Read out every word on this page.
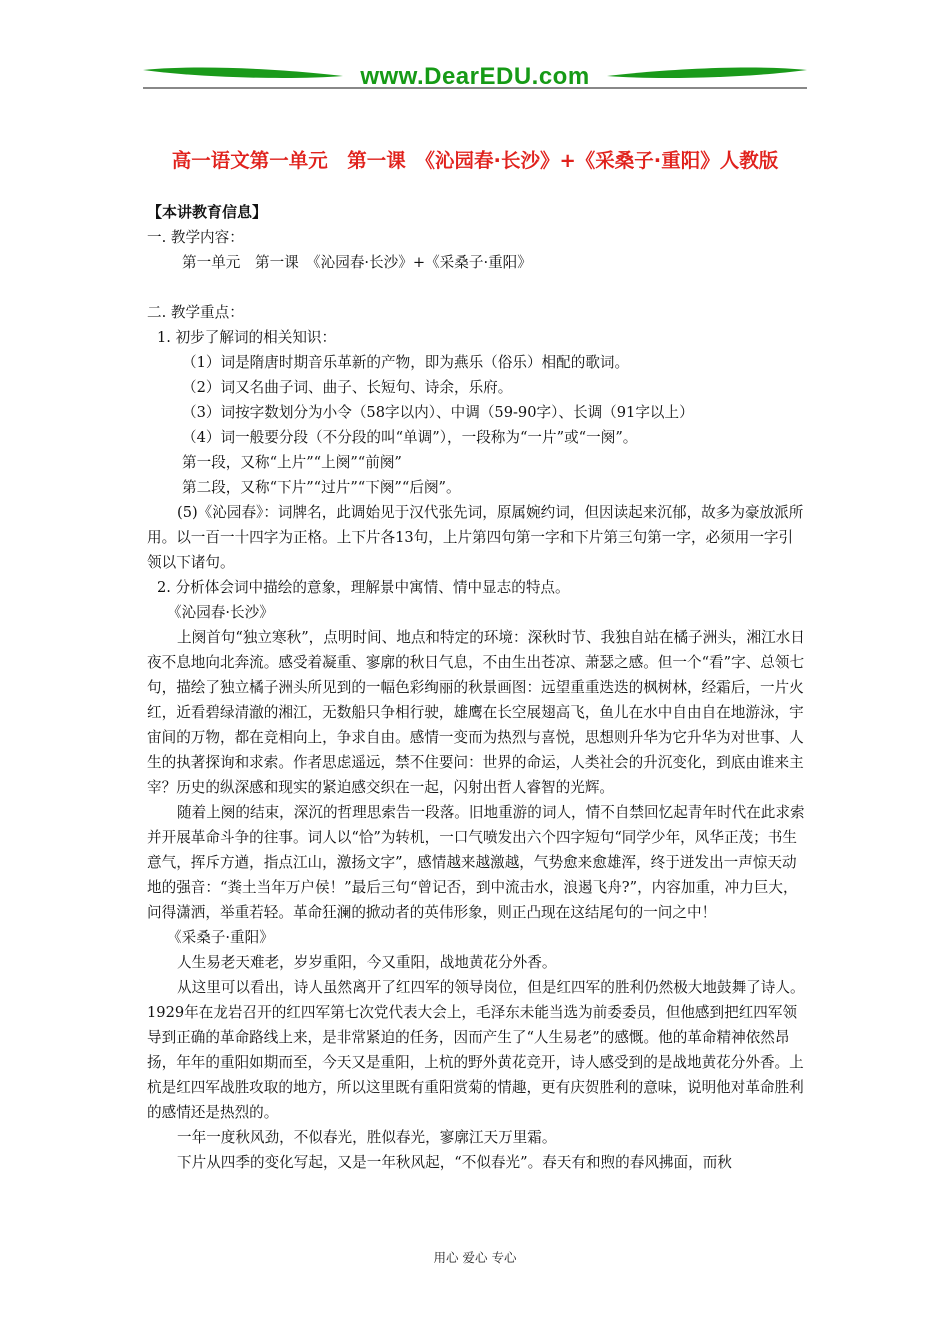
www.DearEDU.com
高一语文第一单元　第一课　《沁园春·长沙》+《采桑子·重阳》人教版

【本讲教育信息】

一. 教学内容：

第一单元　第一课　《沁园春·长沙》+《采桑子·重阳》

二. 教学重点：

1. 初步了解词的相关知识：

（1）词是隋唐时期音乐革新的产物，即为燕乐（俗乐）相配的歌词。

（2）词又名曲子词、曲子、长短句、诗余，乐府。

（3）词按字数划分为小令（58字以内）、中调（59-90字）、长调（91字以上）

（4）词一般要分段（不分段的叫“单调”），一段称为“一片”或“一阕”。

第一段，又称“上片”“上阕”“前阕”

第二段，又称“下片”“过片”“下阕”“后阕”。

(5)《沁园春》：词牌名，此调始见于汉代张先词，原属婉约词，但因读起来沉郁，故多为豪放派所用。以一百一十四字为正格。上下片各13句，上片第四句第一字和下片第三句第一字，必须用一字引领以下诸句。

2. 分析体会词中描绘的意象，理解景中寓情、情中显志的特点。

《沁园春·长沙》

上阕首句“独立寒秋”，点明时间、地点和特定的环境：深秋时节、我独自站在橘子洲头，湘江水日夜不息地向北奔流。感受着凝重、寥廓的秋日气息，不由生出苍凉、萧瑟之感。但一个“看”字、总领七句，描绘了独立橘子洲头所见到的一幅色彩绚丽的秋景画图：远望重重迭迭的枫树林，经霜后，一片火红，近看碧绿清澈的湘江，无数船只争相行驶，雄鹰在长空展翅高飞，鱼儿在水中自由自在地游泳，宇宙间的万物，都在竞相向上，争求自由。感情一变而为热烈与喜悦，思想则升华为它升华为对世事、人生的执著探询和求索。作者思虑遥远，禁不住要问：世界的命运，人类社会的升沉变化，到底由谁来主宰？历史的纵深感和现实的紧迫感交织在一起，闪射出哲人睿智的光辉。

随着上阕的结束，深沉的哲理思索告一段落。旧地重游的词人，情不自禁回忆起青年时代在此求索并开展革命斗争的往事。词人以“恰”为转机，一口气喷发出六个四字短句“同学少年，风华正茂；书生意气，挥斥方遒，指点江山，激扬文字”，感情越来越激越，气势愈来愈雄浑，终于迸发出一声惊天动地的强音：“粪土当年万户侯！”最后三句“曾记否，到中流击水，浪遏飞舟?”，内容加重，冲力巨大，问得潇洒，举重若轻。革命狂澜的掀动者的英伟形象，则正凸现在这结尾句的一问之中！

《采桑子·重阳》

人生易老天难老，岁岁重阳，今又重阳，战地黄花分外香。

从这里可以看出，诗人虽然离开了红四军的领导岗位，但是红四军的胜利仍然极大地鼓舞了诗人。1929年在龙岩召开的红四军第七次党代表大会上，毛泽东未能当选为前委委员，但他感到把红四军领导到正确的革命路线上来，是非常紧迫的任务，因而产生了“人生易老”的感慨。他的革命精神依然昂扬，年年的重阳如期而至，今天又是重阳，上杭的野外黄花竞开，诗人感受到的是战地黄花分外香。上杭是红四军战胜攻取的地方，所以这里既有重阳赏菊的情趣，更有庆贺胜利的意味，说明他对革命胜利的感情还是热烈的。

一年一度秋风劲，不似春光，胜似春光，寥廓江天万里霜。

下片从四季的变化写起，又是一年秋风起，“不似春光”。春天有和煦的春风拂面，而秋

用心 爱心 专心
